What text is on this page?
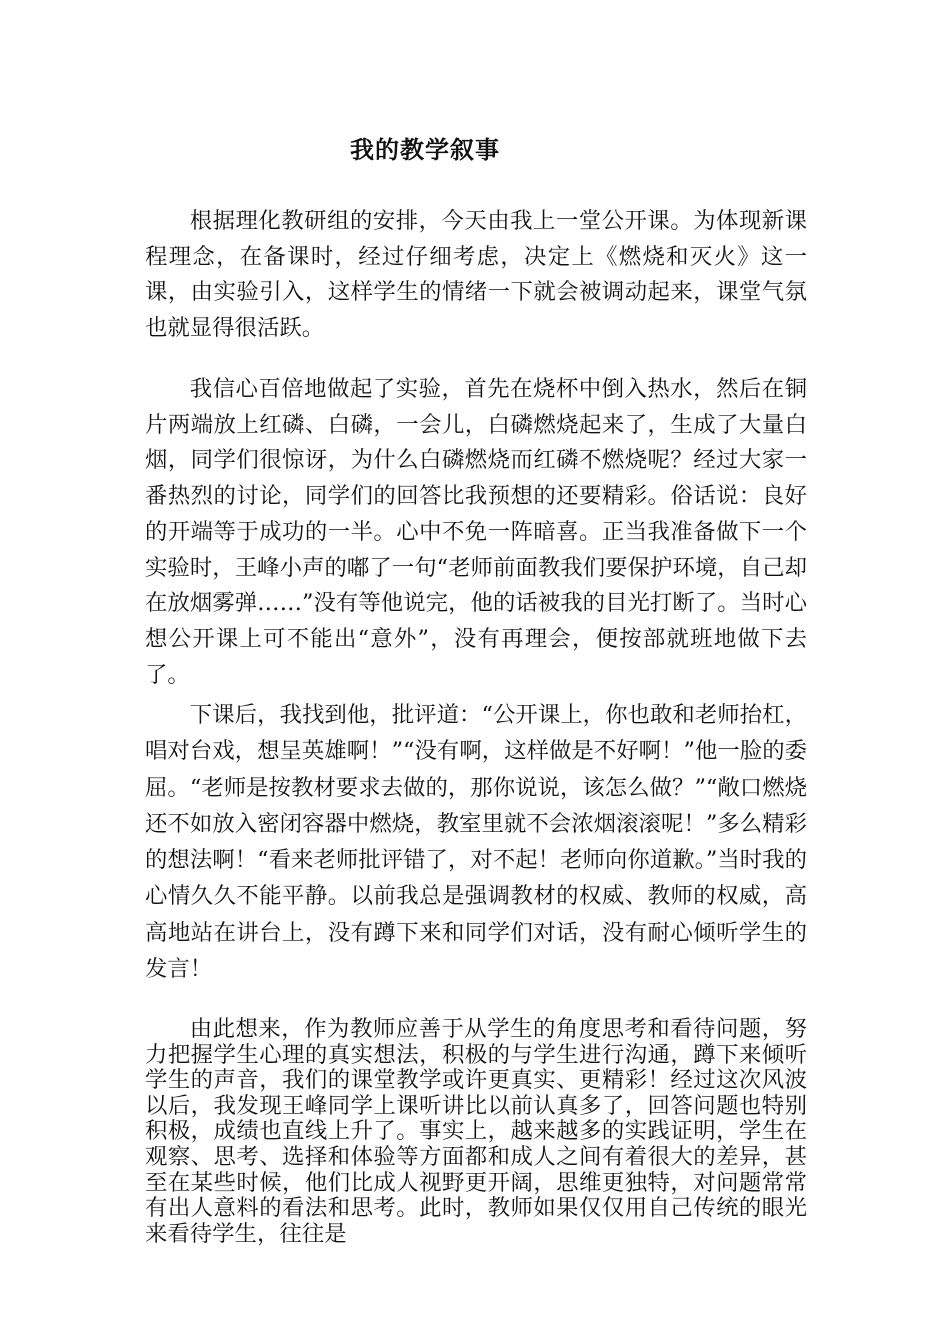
我的教学叙事

根据理化教研组的安排，今天由我上一堂公开课。为体现新课程理念，在备课时，经过仔细考虑，决定上《燃烧和灭火》这一课，由实验引入，这样学生的情绪一下就会被调动起来，课堂气氛也就显得很活跃。

我信心百倍地做起了实验，首先在烧杯中倒入热水，然后在铜片两端放上红磷、白磷，一会儿，白磷燃烧起来了，生成了大量白烟，同学们很惊讶，为什么白磷燃烧而红磷不燃烧呢？经过大家一番热烈的讨论，同学们的回答比我预想的还要精彩。俗话说：良好的开端等于成功的一半。心中不免一阵暗喜。正当我准备做下一个实验时，王峰小声的嘟了一句“老师前面教我们要保护环境，自己却在放烟雾弹……”没有等他说完，他的话被我的目光打断了。当时心想公开课上可不能出“意外”，没有再理会，便按部就班地做下去了。

下课后，我找到他，批评道：“公开课上，你也敢和老师抬杠，唱对台戏，想呈英雄啊！”“没有啊，这样做是不好啊！”他一脸的委屈。“老师是按教材要求去做的，那你说说，该怎么做？”“敞口燃烧还不如放入密闭容器中燃烧，教室里就不会浓烟滚滚呢！”多么精彩的想法啊！“看来老师批评错了，对不起！老师向你道歉。”当时我的心情久久不能平静。以前我总是强调教材的权威、教师的权威，高高地站在讲台上，没有蹲下来和同学们对话，没有耐心倾听学生的发言！

由此想来，作为教师应善于从学生的角度思考和看待问题，努力把握学生心理的真实想法，积极的与学生进行沟通，蹲下来倾听学生的声音，我们的课堂教学或许更真实、更精彩！经过这次风波以后，我发现王峰同学上课听讲比以前认真多了，回答问题也特别积极，成绩也直线上升了。事实上，越来越多的实践证明，学生在观察、思考、选择和体验等方面都和成人之间有着很大的差异，甚至在某些时候，他们比成人视野更开阔，思维更独特，对问题常常有出人意料的看法和思考。此时，教师如果仅仅用自己传统的眼光来看待学生，往往是
